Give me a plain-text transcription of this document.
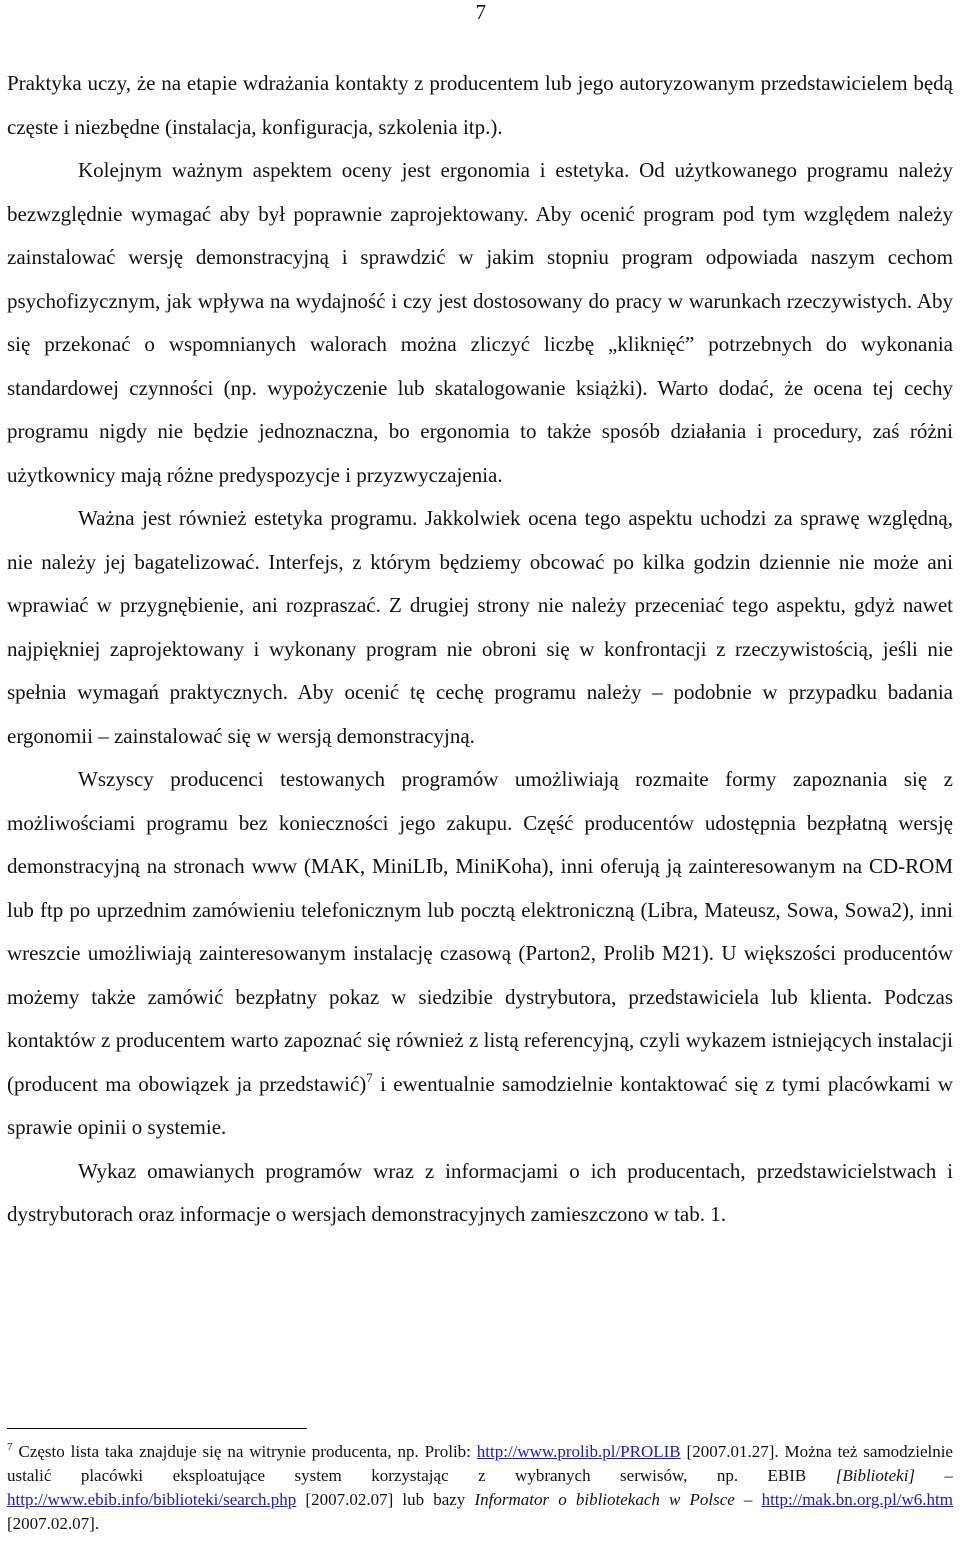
7

Praktyka uczy, że na etapie wdrażania kontakty z producentem lub jego autoryzowanym przedstawicielem będą częste i niezbędne (instalacja, konfiguracja, szkolenia itp.).

Kolejnym ważnym aspektem oceny jest ergonomia i estetyka. Od użytkowanego programu należy bezwzględnie wymagać aby był poprawnie zaprojektowany. Aby ocenić program pod tym względem należy zainstalować wersję demonstracyjną i sprawdzić w jakim stopniu program odpowiada naszym cechom psychofizycznym, jak wpływa na wydajność i czy jest dostosowany do pracy w warunkach rzeczywistych. Aby się przekonać o wspomnianych walorach można zliczyć liczbę „kliknięć” potrzebnych do wykonania standardowej czynności (np. wypożyczenie lub skatalogowanie książki). Warto dodać, że ocena tej cechy programu nigdy nie będzie jednoznaczna, bo ergonomia to także sposób działania i procedury, zaś różni użytkownicy mają różne predyspozycje i przyzwyczajenia.

Ważna jest również estetyka programu. Jakkolwiek ocena tego aspektu uchodzi za sprawę względną, nie należy jej bagatelizować. Interfejs, z którym będziemy obcować po kilka godzin dziennie nie może ani wprawiać w przygnębienie, ani rozpraszać. Z drugiej strony nie należy przeceniać tego aspektu, gdyż nawet najpiękniej zaprojektowany i wykonany program nie obroni się w konfrontacji z rzeczywistością, jeśli nie spełnia wymagań praktycznych. Aby ocenić tę cechę programu należy – podobnie w przypadku badania ergonomii – zainstalować się w wersją demonstracyjną.

Wszyscy producenci testowanych programów umożliwiają rozmaite formy zapoznania się z możliwościami programu bez konieczności jego zakupu. Część producentów udostępnia bezpłatną wersję demonstracyjną na stronach www (MAK, MiniLIb, MiniKoha), inni oferują ją zainteresowanym na CD-ROM lub ftp po uprzednim zamówieniu telefonicznym lub pocztą elektroniczną (Libra, Mateusz, Sowa, Sowa2), inni wreszcie umożliwiają zainteresowanym instalację czasową (Parton2, Prolib M21). U większości producentów możemy także zamówić bezpłatny pokaz w siedzibie dystrybutora, przedstawiciela lub klienta. Podczas kontaktów z producentem warto zapoznać się również z listą referencyjną, czyli wykazem istniejących instalacji (producent ma obowiązek ja przedstawić)$^7$ i ewentualnie samodzielnie kontaktować się z tymi placówkami w sprawie opinii o systemie.

Wykaz omawianych programów wraz z informacjami o ich producentach, przedstawicielstwach i dystrybutorach oraz informacje o wersjach demonstracyjnych zamieszczono w tab. 1.

$^7$ Często lista taka znajduje się na witrynie producenta, np. Prolib: http://www.prolib.pl/PROLIB [2007.01.27]. Można też samodzielnie ustalić placówki eksploatujące system korzystając z wybranych serwisów, np. EBIB [Biblioteki] – http://www.ebib.info/biblioteki/search.php [2007.02.07] lub bazy Informator o bibliotekach w Polsce – http://mak.bn.org.pl/w6.htm [2007.02.07].
